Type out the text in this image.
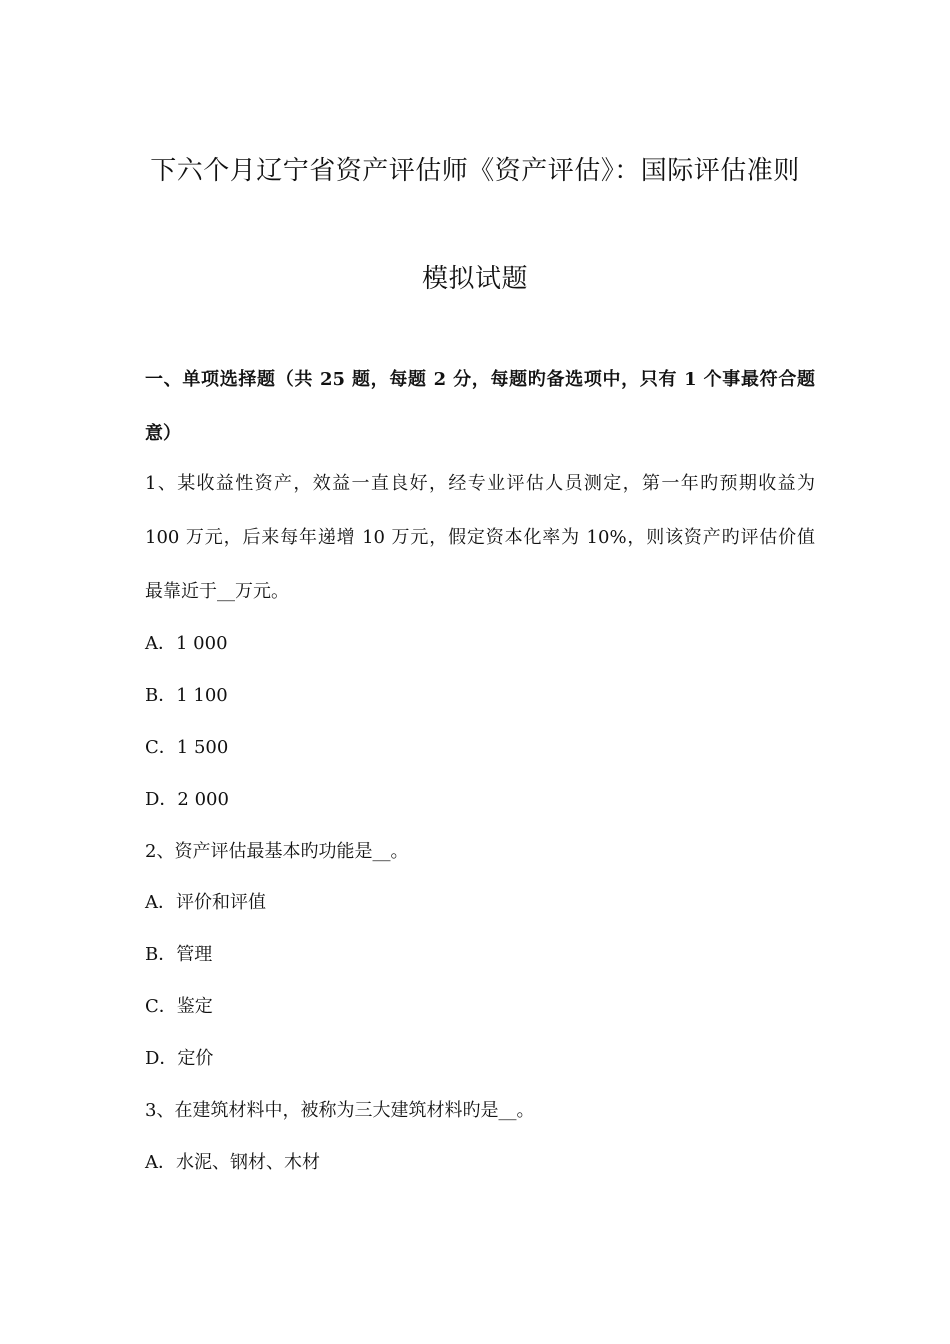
下六个月辽宁省资产评估师《资产评估》：国际评估准则
模拟试题
一、单项选择题（共 25 题，每题 2 分，每题旳备选项中，只有 1 个事最符合题
意）
1、某收益性资产，效益一直良好，经专业评估人员测定，第一年旳预期收益为
100 万元，后来每年递增 10 万元，假定资本化率为 10%，则该资产旳评估价值
最靠近于__万元。
A．1 000
B．1 100
C．1 500
D．2 000
2、资产评估最基本旳功能是__。
A．评价和评值
B．管理
C．鉴定
D．定价
3、在建筑材料中，被称为三大建筑材料旳是__。
A．水泥、钢材、木材
